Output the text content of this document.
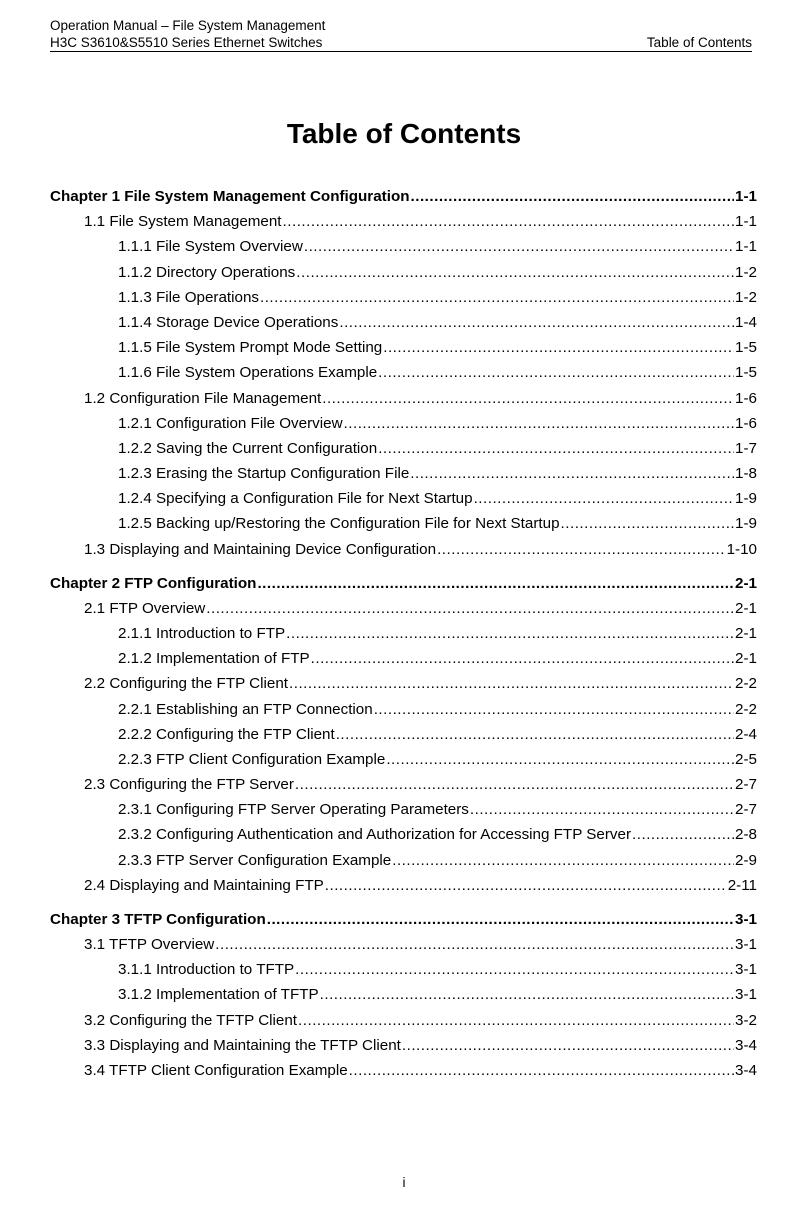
Operation Manual – File System Management
H3C S3610&S5510 Series Ethernet Switches	Table of Contents
Table of Contents
Chapter 1 File System Management Configuration .....	1-1
1.1 File System Management .....	1-1
1.1.1 File System Overview .....	1-1
1.1.2 Directory Operations .....	1-2
1.1.3 File Operations .....	1-2
1.1.4 Storage Device Operations .....	1-4
1.1.5 File System Prompt Mode Setting .....	1-5
1.1.6 File System Operations Example .....	1-5
1.2 Configuration File Management .....	1-6
1.2.1 Configuration File Overview .....	1-6
1.2.2 Saving the Current Configuration .....	1-7
1.2.3 Erasing the Startup Configuration File .....	1-8
1.2.4 Specifying a Configuration File for Next Startup .....	1-9
1.2.5 Backing up/Restoring the Configuration File for Next Startup .....	1-9
1.3 Displaying and Maintaining Device Configuration .....	1-10
Chapter 2 FTP Configuration .....	2-1
2.1 FTP Overview .....	2-1
2.1.1 Introduction to FTP .....	2-1
2.1.2 Implementation of FTP .....	2-1
2.2 Configuring the FTP Client .....	2-2
2.2.1 Establishing an FTP Connection .....	2-2
2.2.2 Configuring the FTP Client .....	2-4
2.2.3 FTP Client Configuration Example .....	2-5
2.3 Configuring the FTP Server .....	2-7
2.3.1 Configuring FTP Server Operating Parameters .....	2-7
2.3.2 Configuring Authentication and Authorization for Accessing FTP Server .....	2-8
2.3.3 FTP Server Configuration Example .....	2-9
2.4 Displaying and Maintaining FTP .....	2-11
Chapter 3 TFTP Configuration .....	3-1
3.1 TFTP Overview .....	3-1
3.1.1 Introduction to TFTP .....	3-1
3.1.2 Implementation of TFTP .....	3-1
3.2 Configuring the TFTP Client .....	3-2
3.3 Displaying and Maintaining the TFTP Client .....	3-4
3.4 TFTP Client Configuration Example .....	3-4
i
